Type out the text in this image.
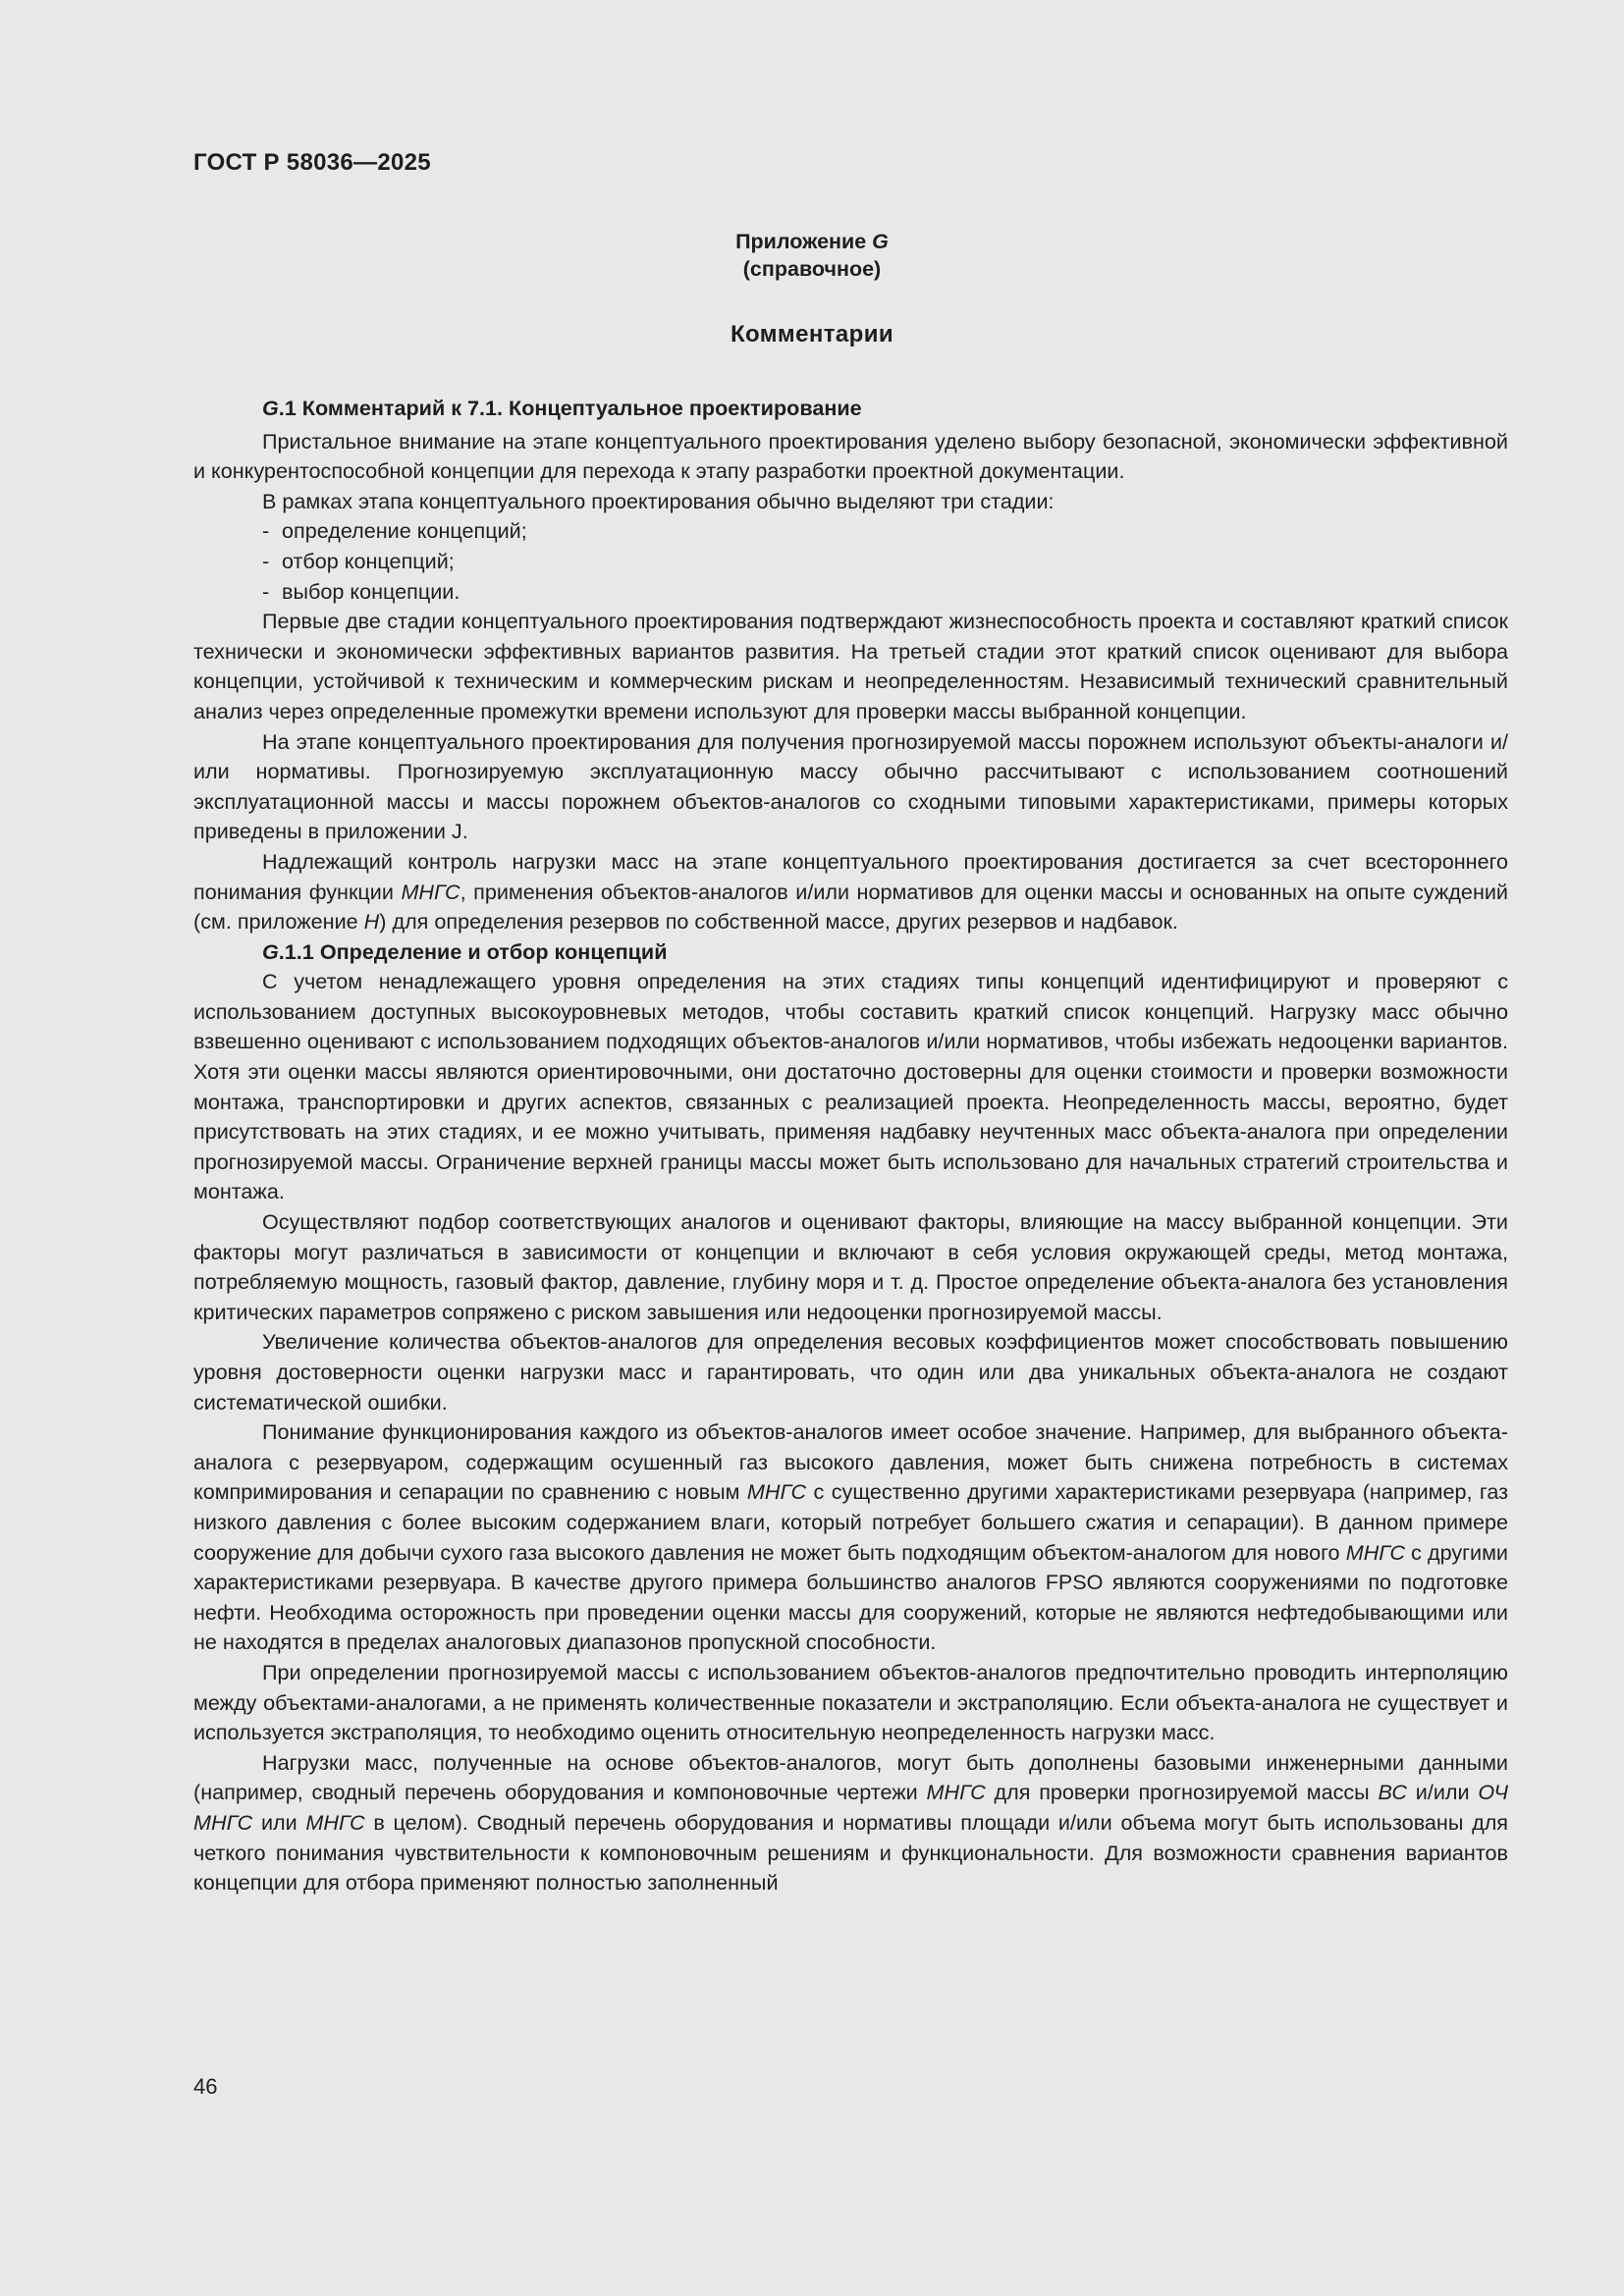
ГОСТ Р 58036—2025
Приложение G
(справочное)
Комментарии

G.1 Комментарий к 7.1. Концептуальное проектирование

Пристальное внимание на этапе концептуального проектирования уделено выбору безопасной, экономически эффективной и конкурентоспособной концепции для перехода к этапу разработки проектной документации.

В рамках этапа концептуального проектирования обычно выделяют три стадии:

- определение концепций;
- отбор концепций;
- выбор концепции.

Первые две стадии концептуального проектирования подтверждают жизнеспособность проекта и составляют краткий список технически и экономически эффективных вариантов развития. На третьей стадии этот краткий список оценивают для выбора концепции, устойчивой к техническим и коммерческим рискам и неопределенностям. Независимый технический сравнительный анализ через определенные промежутки времени используют для проверки массы выбранной концепции.

На этапе концептуального проектирования для получения прогнозируемой массы порожнем используют объекты-аналоги и/или нормативы. Прогнозируемую эксплуатационную массу обычно рассчитывают с использованием соотношений эксплуатационной массы и массы порожнем объектов-аналогов со сходными типовыми характеристиками, примеры которых приведены в приложении J.

Надлежащий контроль нагрузки масс на этапе концептуального проектирования достигается за счет всестороннего понимания функции МНГС, применения объектов-аналогов и/или нормативов для оценки массы и основанных на опыте суждений (см. приложение H) для определения резервов по собственной массе, других резервов и надбавок.

G.1.1 Определение и отбор концепций

С учетом ненадлежащего уровня определения на этих стадиях типы концепций идентифицируют и проверяют с использованием доступных высокоуровневых методов, чтобы составить краткий список концепций. Нагрузку масс обычно взвешенно оценивают с использованием подходящих объектов-аналогов и/или нормативов, чтобы избежать недооценки вариантов. Хотя эти оценки массы являются ориентировочными, они достаточно достоверны для оценки стоимости и проверки возможности монтажа, транспортировки и других аспектов, связанных с реализацией проекта. Неопределенность массы, вероятно, будет присутствовать на этих стадиях, и ее можно учитывать, применяя надбавку неучтенных масс объекта-аналога при определении прогнозируемой массы. Ограничение верхней границы массы может быть использовано для начальных стратегий строительства и монтажа.

Осуществляют подбор соответствующих аналогов и оценивают факторы, влияющие на массу выбранной концепции. Эти факторы могут различаться в зависимости от концепции и включают в себя условия окружающей среды, метод монтажа, потребляемую мощность, газовый фактор, давление, глубину моря и т. д. Простое определение объекта-аналога без установления критических параметров сопряжено с риском завышения или недооценки прогнозируемой массы.

Увеличение количества объектов-аналогов для определения весовых коэффициентов может способствовать повышению уровня достоверности оценки нагрузки масс и гарантировать, что один или два уникальных объекта-аналога не создают систематической ошибки.

Понимание функционирования каждого из объектов-аналогов имеет особое значение. Например, для выбранного объекта-аналога с резервуаром, содержащим осушенный газ высокого давления, может быть снижена потребность в системах компримирования и сепарации по сравнению с новым МНГС с существенно другими характеристиками резервуара (например, газ низкого давления с более высоким содержанием влаги, который потребует большего сжатия и сепарации). В данном примере сооружение для добычи сухого газа высокого давления не может быть подходящим объектом-аналогом для нового МНГС с другими характеристиками резервуара. В качестве другого примера большинство аналогов FPSO являются сооружениями по подготовке нефти. Необходима осторожность при проведении оценки массы для сооружений, которые не являются нефтедобывающими или не находятся в пределах аналоговых диапазонов пропускной способности.

При определении прогнозируемой массы с использованием объектов-аналогов предпочтительно проводить интерполяцию между объектами-аналогами, а не применять количественные показатели и экстраполяцию. Если объекта-аналога не существует и используется экстраполяция, то необходимо оценить относительную неопределенность нагрузки масс.

Нагрузки масс, полученные на основе объектов-аналогов, могут быть дополнены базовыми инженерными данными (например, сводный перечень оборудования и компоновочные чертежи МНГС для проверки прогнозируемой массы ВС и/или ОЧ МНГС или МНГС в целом). Сводный перечень оборудования и нормативы площади и/или объема могут быть использованы для четкого понимания чувствительности к компоновочным решениям и функциональности. Для возможности сравнения вариантов концепции для отбора применяют полностью заполненный

46
